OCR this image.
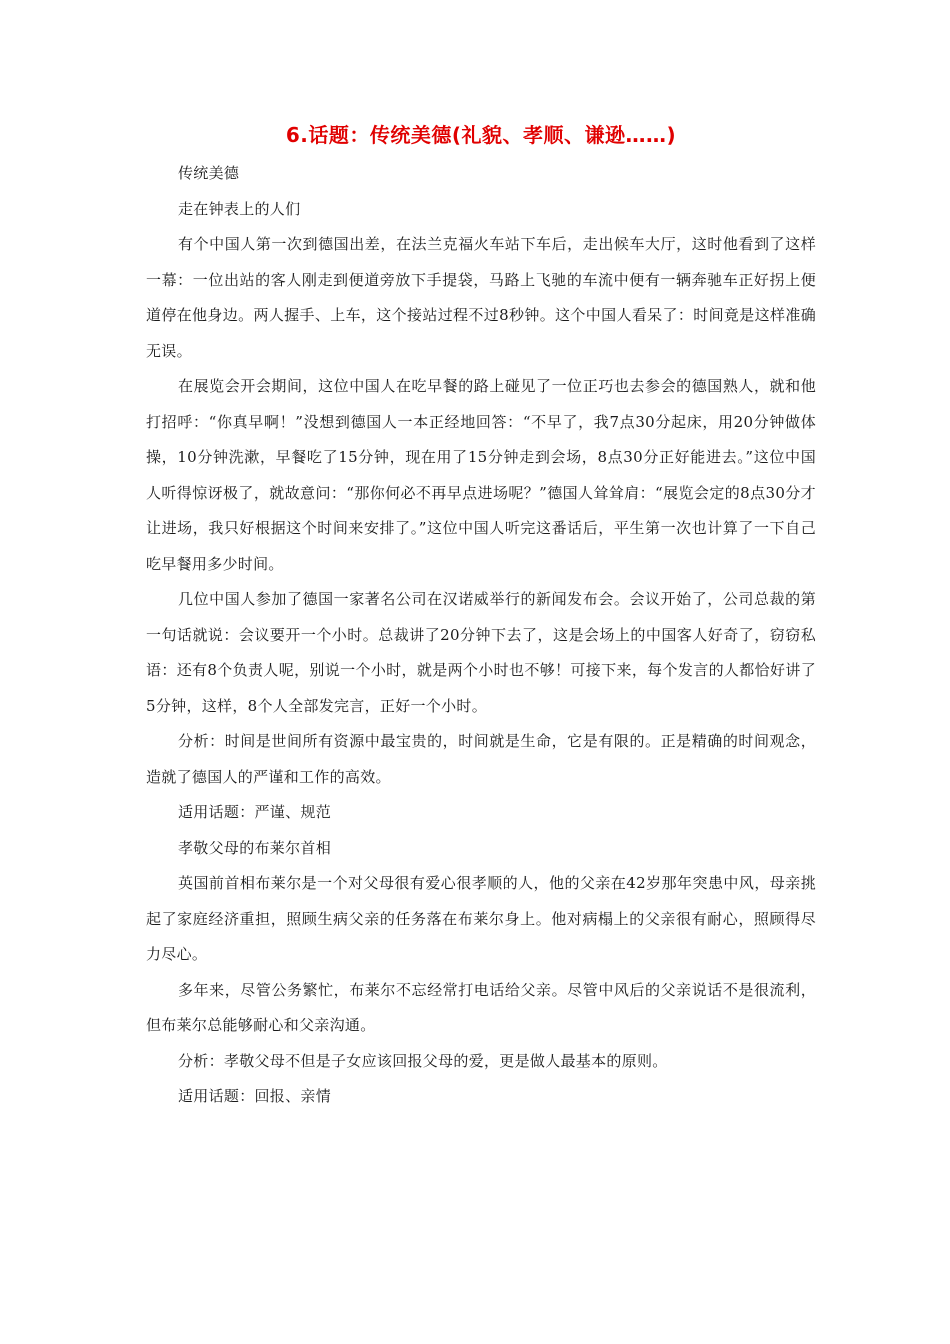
6.话题：传统美德(礼貌、孝顺、谦逊……)

传统美德

走在钟表上的人们

有个中国人第一次到德国出差，在法兰克福火车站下车后，走出候车大厅，这时他看到了这样一幕：一位出站的客人刚走到便道旁放下手提袋，马路上飞驰的车流中便有一辆奔驰车正好拐上便道停在他身边。两人握手、上车，这个接站过程不过8秒钟。这个中国人看呆了：时间竟是这样准确无误。

在展览会开会期间，这位中国人在吃早餐的路上碰见了一位正巧也去参会的德国熟人，就和他打招呼：“你真早啊！”没想到德国人一本正经地回答：“不早了，我7点30分起床，用20分钟做体操，10分钟洗漱，早餐吃了15分钟，现在用了15分钟走到会场，8点30分正好能进去。”这位中国人听得惊讶极了，就故意问：“那你何必不再早点进场呢？”德国人耸耸肩：“展览会定的8点30分才让进场，我只好根据这个时间来安排了。”这位中国人听完这番话后，平生第一次也计算了一下自己吃早餐用多少时间。

几位中国人参加了德国一家著名公司在汉诺威举行的新闻发布会。会议开始了，公司总裁的第一句话就说：会议要开一个小时。总裁讲了20分钟下去了，这是会场上的中国客人好奇了，窃窃私语：还有8个负责人呢，别说一个小时，就是两个小时也不够！可接下来，每个发言的人都恰好讲了5分钟，这样，8个人全部发完言，正好一个小时。

分析：时间是世间所有资源中最宝贵的，时间就是生命，它是有限的。正是精确的时间观念，造就了德国人的严谨和工作的高效。

适用话题：严谨、规范

孝敬父母的布莱尔首相

英国前首相布莱尔是一个对父母很有爱心很孝顺的人，他的父亲在42岁那年突患中风，母亲挑起了家庭经济重担，照顾生病父亲的任务落在布莱尔身上。他对病榻上的父亲很有耐心，照顾得尽力尽心。

多年来，尽管公务繁忙，布莱尔不忘经常打电话给父亲。尽管中风后的父亲说话不是很流利，但布莱尔总能够耐心和父亲沟通。

分析：孝敬父母不但是子女应该回报父母的爱，更是做人最基本的原则。

适用话题：回报、亲情
